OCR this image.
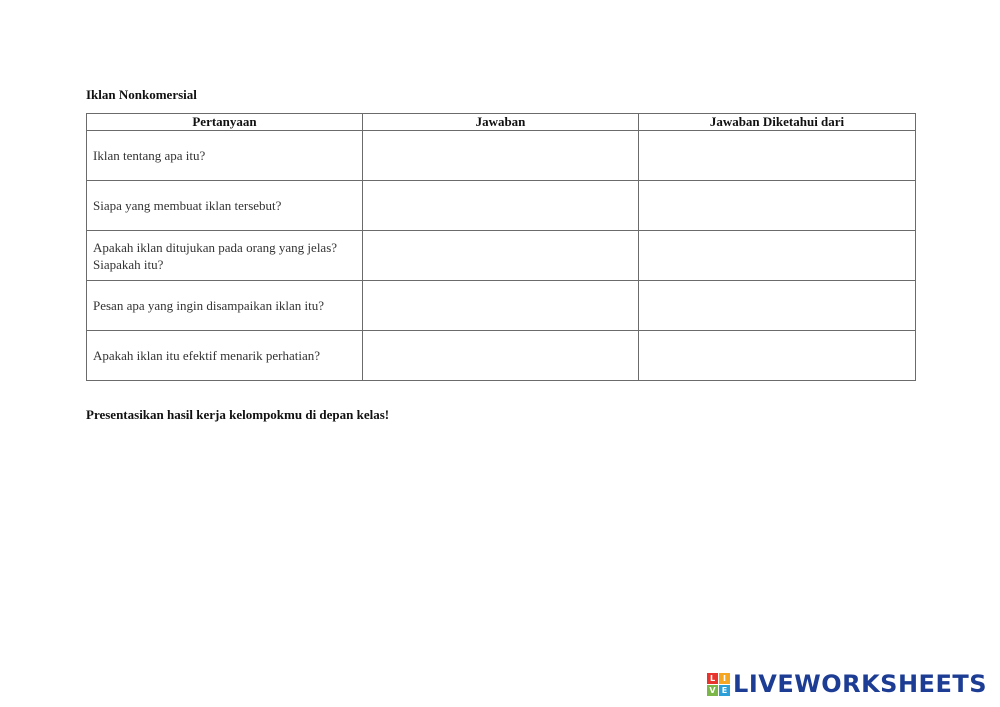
Iklan Nonkomersial
Pertanyaan	Jawaban	Jawaban Diketahui dari
Iklan tentang apa itu?		
Siapa yang membuat iklan tersebut?		
Apakah iklan ditujukan pada orang yang jelas? Siapakah itu?		
Pesan apa yang ingin disampaikan iklan itu?		
Apakah iklan itu efektif menarik perhatian?		
Presentasikan hasil kerja kelompokmu di depan kelas!
L I
V E LIVEWORKSHEETS
